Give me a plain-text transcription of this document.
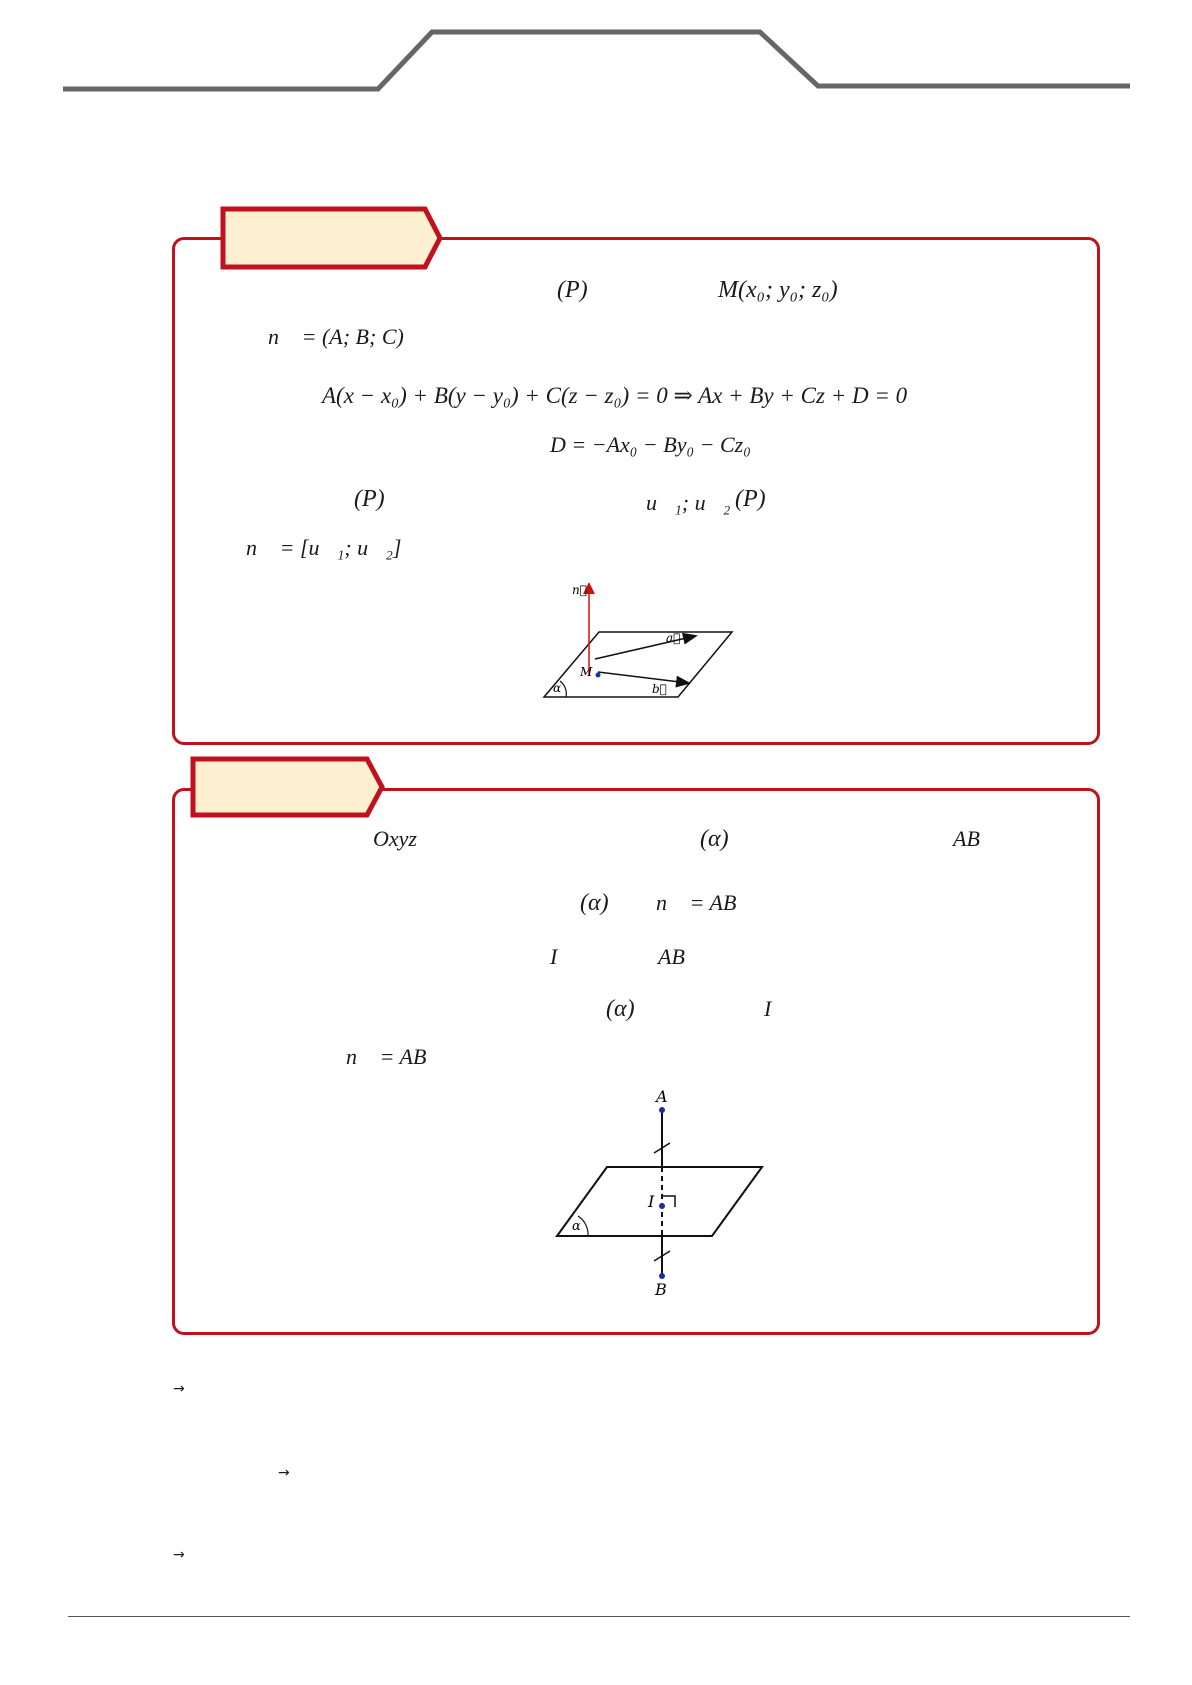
(P)	M(x₀; y₀; z₀)
n⃗ = (A; B; C)
A(x − x₀) + B(y − y₀) + C(z − z₀) = 0 ⇒ Ax + By + Cz + D = 0
D = −Ax₀ − By₀ − Cz₀
(P)	u⃗₁; u⃗₂ (P)
n⃗ = [u⃗₁; u⃗₂]
n⃗
a⃗
b⃗
M
α
Oxyz	(α)	AB
(α) n⃗ = AB⃗
I	AB
(α)	I
n⃗ = AB⃗
A
I
B
α
→
→
→
